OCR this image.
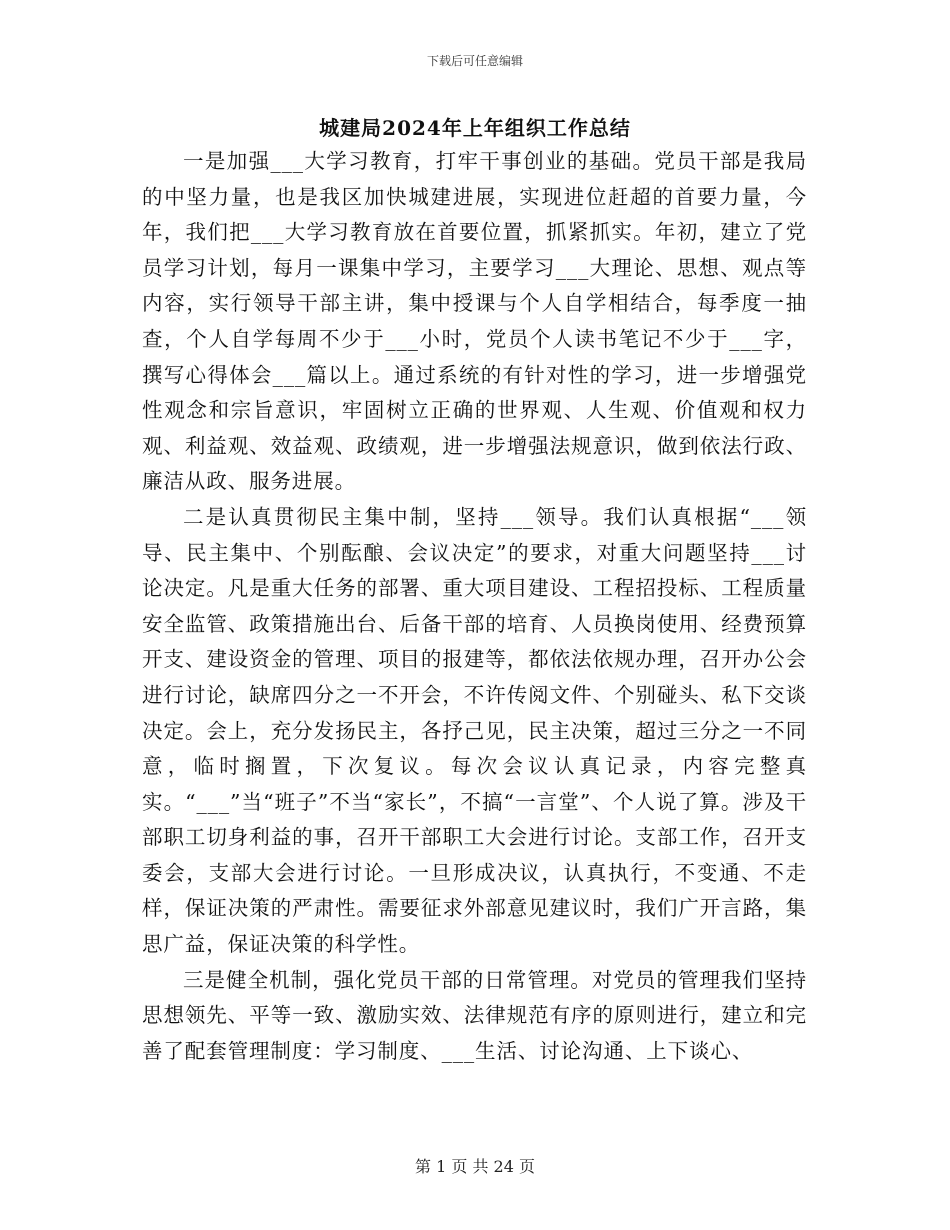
下载后可任意编辑
城建局2024年上年组织工作总结

一是加强___大学习教育，打牢干事创业的基础。党员干部是我局的中坚力量，也是我区加快城建进展，实现进位赶超的首要力量，今年，我们把___大学习教育放在首要位置，抓紧抓实。年初，建立了党员学习计划，每月一课集中学习，主要学习___大理论、思想、观点等内容，实行领导干部主讲，集中授课与个人自学相结合，每季度一抽查，个人自学每周不少于___小时，党员个人读书笔记不少于___字，撰写心得体会___篇以上。通过系统的有针对性的学习，进一步增强党性观念和宗旨意识，牢固树立正确的世界观、人生观、价值观和权力观、利益观、效益观、政绩观，进一步增强法规意识，做到依法行政、廉洁从政、服务进展。

二是认真贯彻民主集中制，坚持___领导。我们认真根据“___领导、民主集中、个别酝酿、会议决定”的要求，对重大问题坚持___讨论决定。凡是重大任务的部署、重大项目建设、工程招投标、工程质量安全监管、政策措施出台、后备干部的培育、人员换岗使用、经费预算开支、建设资金的管理、项目的报建等，都依法依规办理，召开办公会进行讨论，缺席四分之一不开会，不许传阅文件、个别碰头、私下交谈决定。会上，充分发扬民主，各抒己见，民主决策，超过三分之一不同意，临时搁置，下次复议。每次会议认真记录，内容完整真实。“___”当“班子”不当“家长”，不搞“一言堂”、个人说了算。涉及干部职工切身利益的事，召开干部职工大会进行讨论。支部工作，召开支委会，支部大会进行讨论。一旦形成决议，认真执行，不变通、不走样，保证决策的严肃性。需要征求外部意见建议时，我们广开言路，集思广益，保证决策的科学性。

三是健全机制，强化党员干部的日常管理。对党员的管理我们坚持思想领先、平等一致、激励实效、法律规范有序的原则进行，建立和完善了配套管理制度：学习制度、___生活、讨论沟通、上下谈心、

第 1 页 共 24 页
